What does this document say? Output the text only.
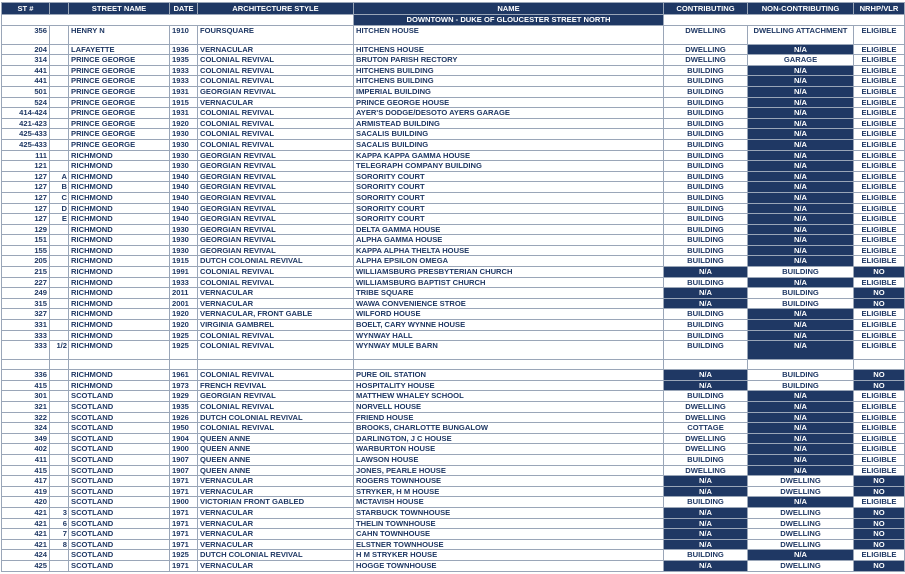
ST #		STREET NAME	DATE	ARCHITECTURE STYLE	NAME	CONTRIBUTING	NON-CONTRIBUTING	NRHP/VLR
					DOWNTOWN - DUKE OF GLOUCESTER STREET NORTH			
356		HENRY N	1910	FOURSQUARE	HITCHEN HOUSE	DWELLING	DWELLING ATTACHMENT	ELIGIBLE
204		LAFAYETTE	1936	VERNACULAR	HITCHENS HOUSE	DWELLING	N/A	ELIGIBLE
314		PRINCE GEORGE	1935	COLONIAL REVIVAL	BRUTON PARISH RECTORY	DWELLING	GARAGE	ELIGIBLE
441		PRINCE GEORGE	1933	COLONIAL REVIVAL	HITCHENS BUILDING	BUILDING	N/A	ELIGIBLE
441		PRINCE GEORGE	1933	COLONIAL REVIVAL	HITCHENS BUILDING	BUILDING	N/A	ELIGIBLE
501		PRINCE GEORGE	1931	GEORGIAN REVIVAL	IMPERIAL BUILDING	BUILDING	N/A	ELIGIBLE
524		PRINCE GEORGE	1915	VERNACULAR	PRINCE GEORGE HOUSE	BUILDING	N/A	ELIGIBLE
414-424		PRINCE GEORGE	1931	COLONIAL REVIVAL	AYER'S DODGE/DESOTO AYERS GARAGE	BUILDING	N/A	ELIGIBLE
421-423		PRINCE GEORGE	1920	COLONIAL REVIVAL	ARMISTEAD BUILDING	BUILDING	N/A	ELIGIBLE
425-433		PRINCE GEORGE	1930	COLONIAL REVIVAL	SACALIS BUILDING	BUILDING	N/A	ELIGIBLE
425-433		PRINCE GEORGE	1930	COLONIAL REVIVAL	SACALIS BUILDING	BUILDING	N/A	ELIGIBLE
111		RICHMOND	1930	GEORGIAN REVIVAL	KAPPA KAPPA GAMMA HOUSE	BUILDING	N/A	ELIGIBLE
121		RICHMOND	1930	GEORGIAN REVIVAL	TELEGRAPH COMPANY BUILDING	BUILDING	N/A	ELIGIBLE
127	A	RICHMOND	1940	GEORGIAN REVIVAL	SORORITY COURT	BUILDING	N/A	ELIGIBLE
127	B	RICHMOND	1940	GEORGIAN REVIVAL	SORORITY COURT	BUILDING	N/A	ELIGIBLE
127	C	RICHMOND	1940	GEORGIAN REVIVAL	SORORITY COURT	BUILDING	N/A	ELIGIBLE
127	D	RICHMOND	1940	GEORGIAN REVIVAL	SORORITY COURT	BUILDING	N/A	ELIGIBLE
127	E	RICHMOND	1940	GEORGIAN REVIVAL	SORORITY COURT	BUILDING	N/A	ELIGIBLE
129		RICHMOND	1930	GEORGIAN REVIVAL	DELTA GAMMA HOUSE	BUILDING	N/A	ELIGIBLE
151		RICHMOND	1930	GEORGIAN REVIVAL	ALPHA GAMMA HOUSE	BUILDING	N/A	ELIGIBLE
155		RICHMOND	1930	GEORGIAN REVIVAL	KAPPA ALPHA THELTA HOUSE	BUILDING	N/A	ELIGIBLE
205		RICHMOND	1915	DUTCH COLONIAL REVIVAL	ALPHA EPSILON OMEGA	BUILDING	N/A	ELIGIBLE
215		RICHMOND	1991	COLONIAL REVIVAL	WILLIAMSBURG PRESBYTERIAN CHURCH	N/A	BUILDING	NO
227		RICHMOND	1933	COLONIAL REVIVAL	WILLIAMSBURG BAPTIST CHURCH	BUILDING	N/A	ELIGIBLE
249		RICHMOND	2011	VERNACULAR	TRIBE SQUARE	N/A	BUILDING	NO
315		RICHMOND	2001	VERNACULAR	WAWA CONVENIENCE STROE	N/A	BUILDING	NO
327		RICHMOND	1920	VERNACULAR, FRONT GABLE	WILFORD HOUSE	BUILDING	N/A	ELIGIBLE
331		RICHMOND	1920	VIRGINIA GAMBREL	BOELT, CARY WYNNE HOUSE	BUILDING	N/A	ELIGIBLE
333		RICHMOND	1925	COLONIAL REVIVAL	WYNWAY HALL	BUILDING	N/A	ELIGIBLE
333	1/2	RICHMOND	1925	COLONIAL REVIVAL	WYNWAY MULE BARN	BUILDING	N/A	ELIGIBLE

336		RICHMOND	1961	COLONIAL REVIVAL	PURE OIL STATION	N/A	BUILDING	NO
415		RICHMOND	1973	FRENCH REVIVAL	HOSPITALITY HOUSE	N/A	BUILDING	NO
301		SCOTLAND	1929	GEORGIAN REVIVAL	MATTHEW WHALEY SCHOOL	BUILDING	N/A	ELIGIBLE
321		SCOTLAND	1935	COLONIAL REVIVAL	NORVELL HOUSE	DWELLING	N/A	ELIGIBLE
322		SCOTLAND	1926	DUTCH COLONIAL REVIVAL	FRIEND HOUSE	DWELLING	N/A	ELIGIBLE
324		SCOTLAND	1950	COLONIAL REVIVAL	BROOKS, CHARLOTTE BUNGALOW	COTTAGE	N/A	ELIGIBLE
349		SCOTLAND	1904	QUEEN ANNE	DARLINGTON, J C HOUSE	DWELLING	N/A	ELIGIBLE
402		SCOTLAND	1900	QUEEN ANNE	WARBURTON HOUSE	DWELLING	N/A	ELIGIBLE
411		SCOTLAND	1907	QUEEN ANNE	LAWSON HOUSE	BUILDING	N/A	ELIGIBLE
415		SCOTLAND	1907	QUEEN ANNE	JONES, PEARLE HOUSE	DWELLING	N/A	ELIGIBLE
417		SCOTLAND	1971	VERNACULAR	ROGERS TOWNHOUSE	N/A	DWELLING	NO
419		SCOTLAND	1971	VERNACULAR	STRYKER, H M HOUSE	N/A	DWELLING	NO
420		SCOTLAND	1900	VICTORIAN FRONT GABLED	MCTAVISH HOUSE	BUILDING	N/A	ELIGIBLE
421	3	SCOTLAND	1971	VERNACULAR	STARBUCK TOWNHOUSE	N/A	DWELLING	NO
421	6	SCOTLAND	1971	VERNACULAR	THELIN TOWNHOUSE	N/A	DWELLING	NO
421	7	SCOTLAND	1971	VERNACULAR	CAHN TOWNHOUSE	N/A	DWELLING	NO
421	8	SCOTLAND	1971	VERNACULAR	ELSTNER TOWNHOUSE	N/A	DWELLING	NO
424		SCOTLAND	1925	DUTCH COLONIAL REVIVAL	H M STRYKER HOUSE	BUILDING	N/A	ELIGIBLE
425		SCOTLAND	1971	VERNACULAR	HOGGE TOWNHOUSE	N/A	DWELLING	NO
